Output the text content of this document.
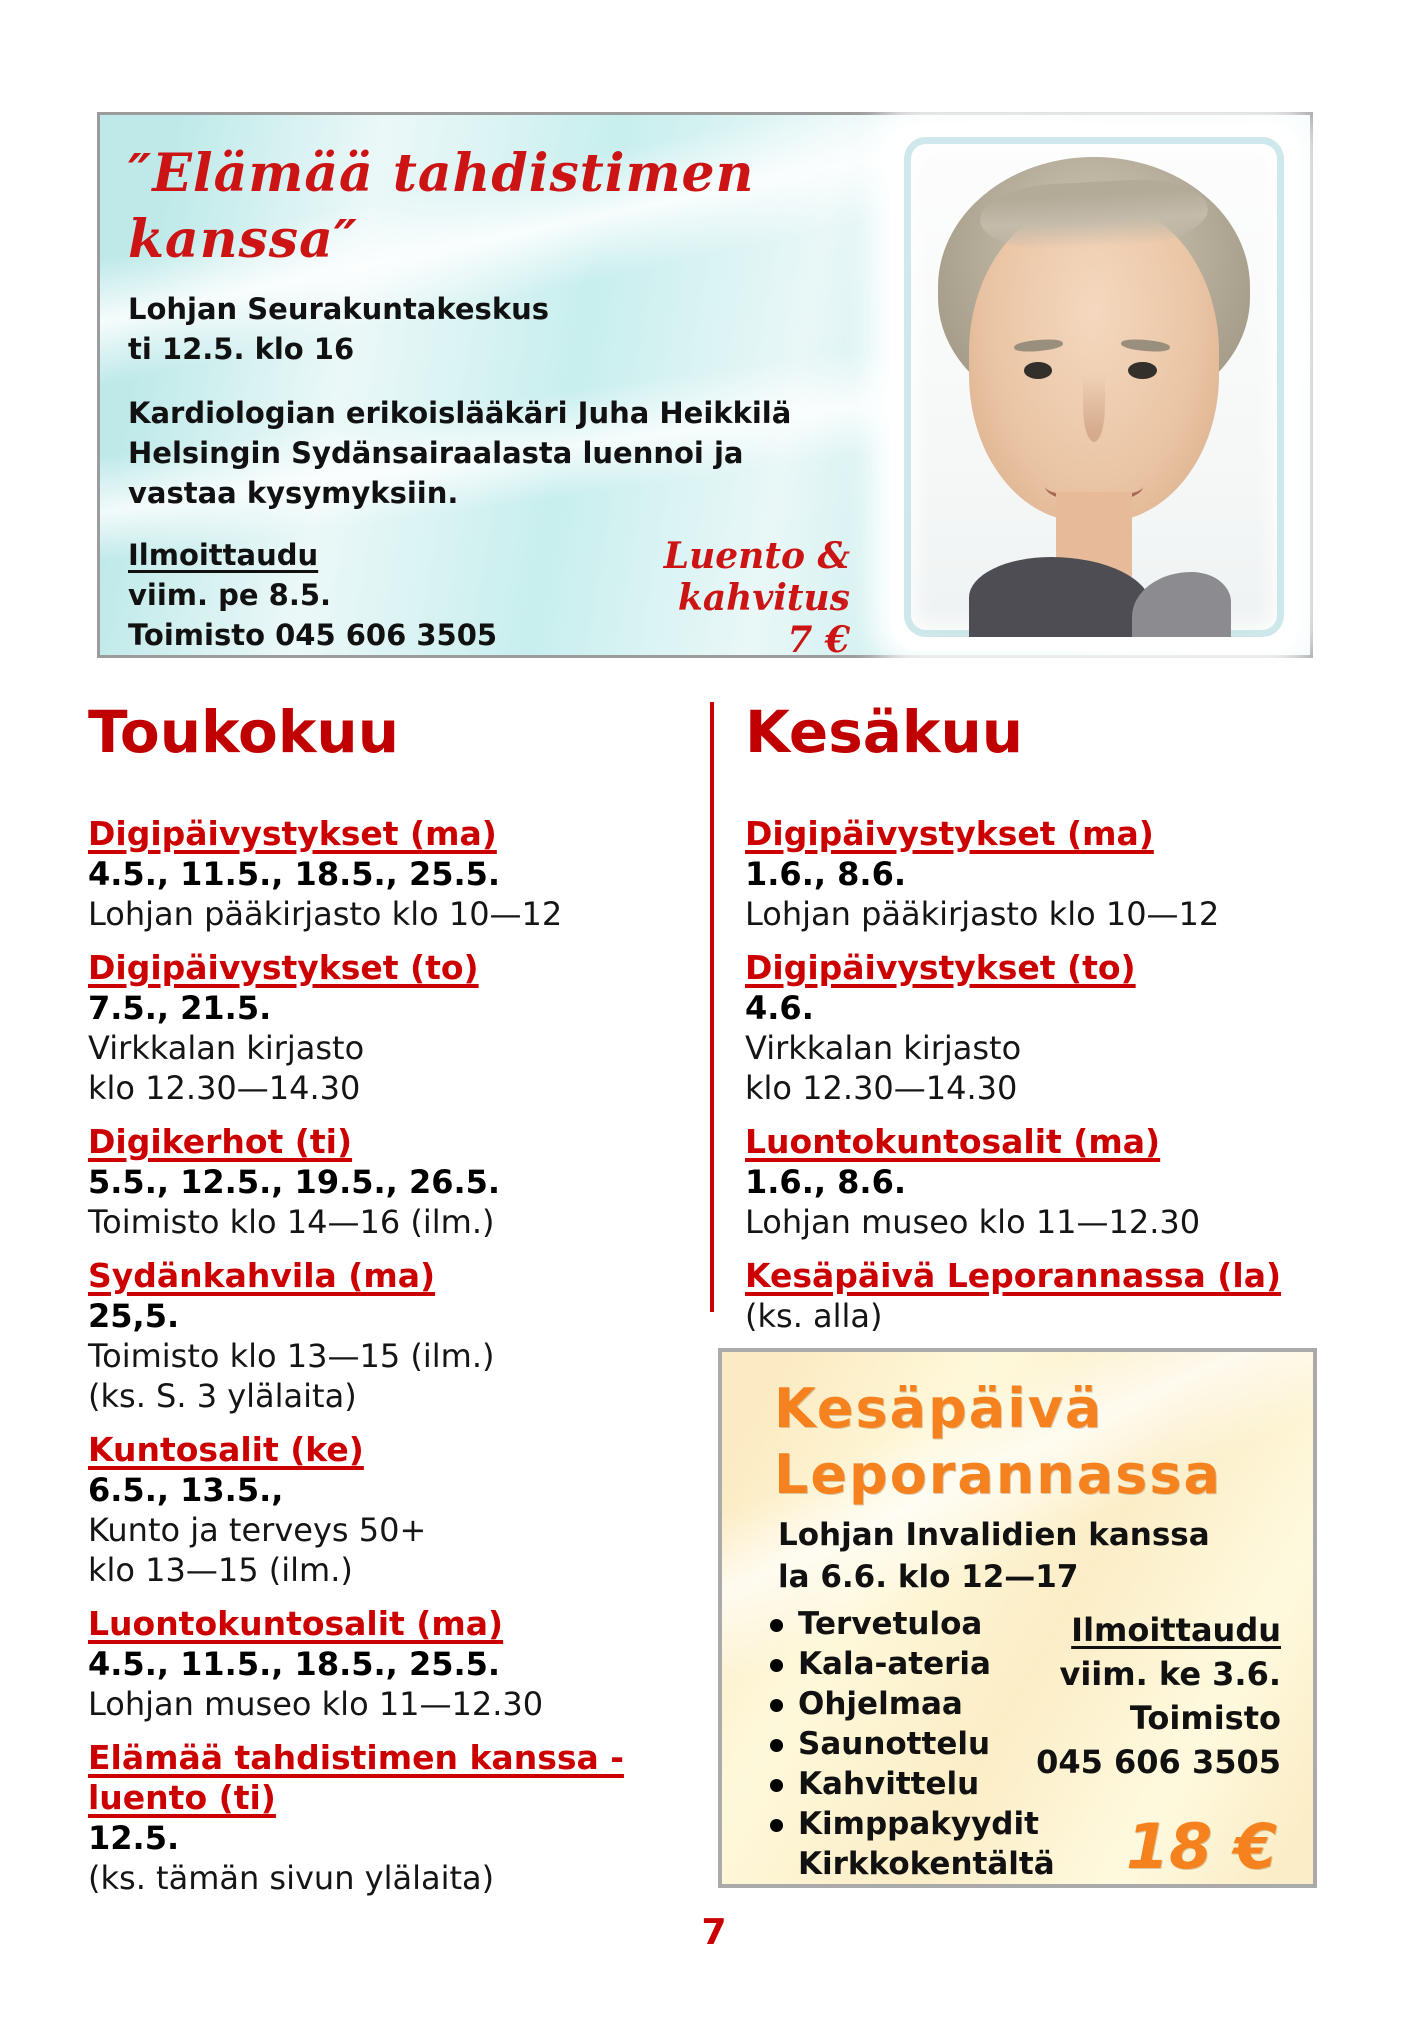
″Elämää tahdistimen
kanssa″
Lohjan Seurakuntakeskus
ti 12.5. klo 16
Kardiologian erikoislääkäri Juha Heikkilä
Helsingin Sydänsairaalasta luennoi ja
vastaa kysymyksiin.
Ilmoittaudu
viim. pe 8.5.
Toimisto 045 606 3505
Luento &
kahvitus
7 €
Toukokuu
Digipäivystykset (ma)
4.5., 11.5., 18.5., 25.5.
Lohjan pääkirjasto klo 10—12
Digipäivystykset (to)
7.5., 21.5.
Virkkalan kirjasto
klo 12.30—14.30
Digikerhot (ti)
5.5., 12.5., 19.5., 26.5.
Toimisto klo 14—16 (ilm.)
Sydänkahvila (ma)
25,5.
Toimisto klo 13—15 (ilm.)
(ks. S. 3 ylälaita)
Kuntosalit (ke)
6.5., 13.5.,
Kunto ja terveys 50+
klo 13—15 (ilm.)
Luontokuntosalit (ma)
4.5., 11.5., 18.5., 25.5.
Lohjan museo klo 11—12.30
Elämää tahdistimen kanssa -luento (ti)
12.5.
(ks. tämän sivun ylälaita)
Kesäkuu
Digipäivystykset (ma)
1.6., 8.6.
Lohjan pääkirjasto klo 10—12
Digipäivystykset (to)
4.6.
Virkkalan kirjasto
klo 12.30—14.30
Luontokuntosalit (ma)
1.6., 8.6.
Lohjan museo klo 11—12.30
Kesäpäivä Leporannassa (la)
(ks. alla)
Kesäpäivä
Leporannassa
Lohjan Invalidien kanssa
la 6.6. klo 12—17
Tervetuloa
Kala-ateria
Ohjelmaa
Saunottelu
Kahvittelu
Kimppakyydit
Kirkkokentältä
Ilmoittaudu
viim. ke 3.6.
Toimisto
045 606 3505
18 €
7
